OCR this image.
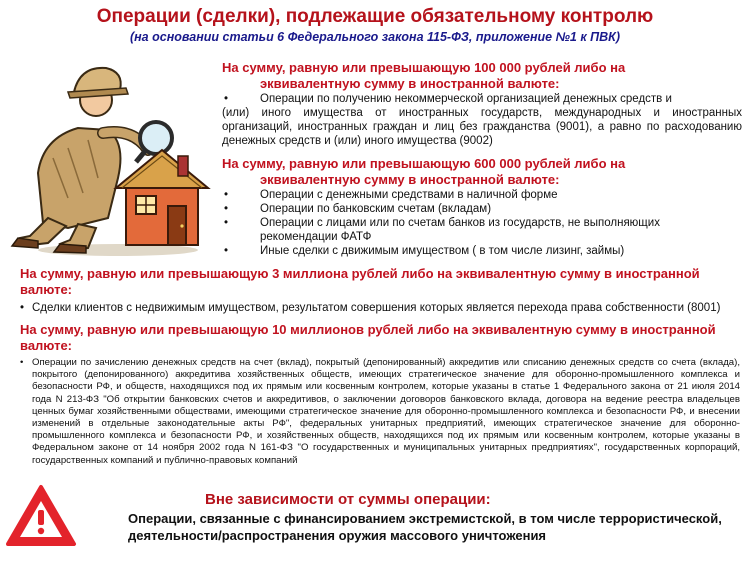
Операции (сделки), подлежащие обязательному контролю
(на основании статьи 6 Федерального закона 115-ФЗ, приложение №1 к ПВК)
На сумму, равную или превышающую 100 000 рублей либо на
эквивалентную сумму в иностранной валюте:
• Операции по получению некоммерческой организацией денежных средств и
(или) иного имущества от иностранных государств, международных и иностранных организаций, иностранных граждан и лиц без гражданства (9001), а равно по расходованию денежных средств и (или) иного имущества (9002)
На сумму, равную или превышающую 600 000 рублей либо на
эквивалентную сумму в иностранной валюте:
• Операции с денежными средствами в наличной форме
• Операции по банковским счетам (вкладам)
• Операции с лицами или по счетам банков из государств, не выполняющих рекомендации ФАТФ
• Иные сделки с движимым имуществом ( в том числе лизинг, займы)
На сумму, равную или превышающую 3 миллиона рублей либо на эквивалентную сумму в иностранной валюте:
• Сделки клиентов с недвижимым имуществом, результатом совершения которых является перехода права собственности (8001)
На сумму, равную или превышающую 10 миллионов рублей либо на эквивалентную сумму в иностранной валюте:
• Операции по зачислению денежных средств на счет (вклад), покрытый (депонированный) аккредитив или списанию денежных средств со счета (вклада), покрытого (депонированного) аккредитива хозяйственных обществ, имеющих стратегическое значение для оборонно-промышленного комплекса и безопасности РФ, и обществ, находящихся под их прямым или косвенным контролем, которые указаны в статье 1 Федерального закона от 21 июля 2014 года N 213-ФЗ "Об открытии банковских счетов и аккредитивов, о заключении договоров банковского вклада, договора на ведение реестра владельцев ценных бумаг хозяйственными обществами, имеющими стратегическое значение для оборонно-промышленного комплекса и безопасности РФ, и внесении изменений в отдельные законодательные акты РФ", федеральных унитарных предприятий, имеющих стратегическое значение для оборонно-промышленного комплекса и безопасности РФ, и хозяйственных обществ, находящихся под их прямым или косвенным контролем, которые указаны в Федеральном законе от 14 ноября 2002 года N 161-ФЗ "О государственных и муниципальных унитарных предприятиях", государственных корпораций, государственных компаний и публично-правовых компаний
Вне зависимости от суммы операции:
Операции, связанные с финансированием экстремистской, в том числе террористической, деятельности/распространения оружия массового уничтожения
